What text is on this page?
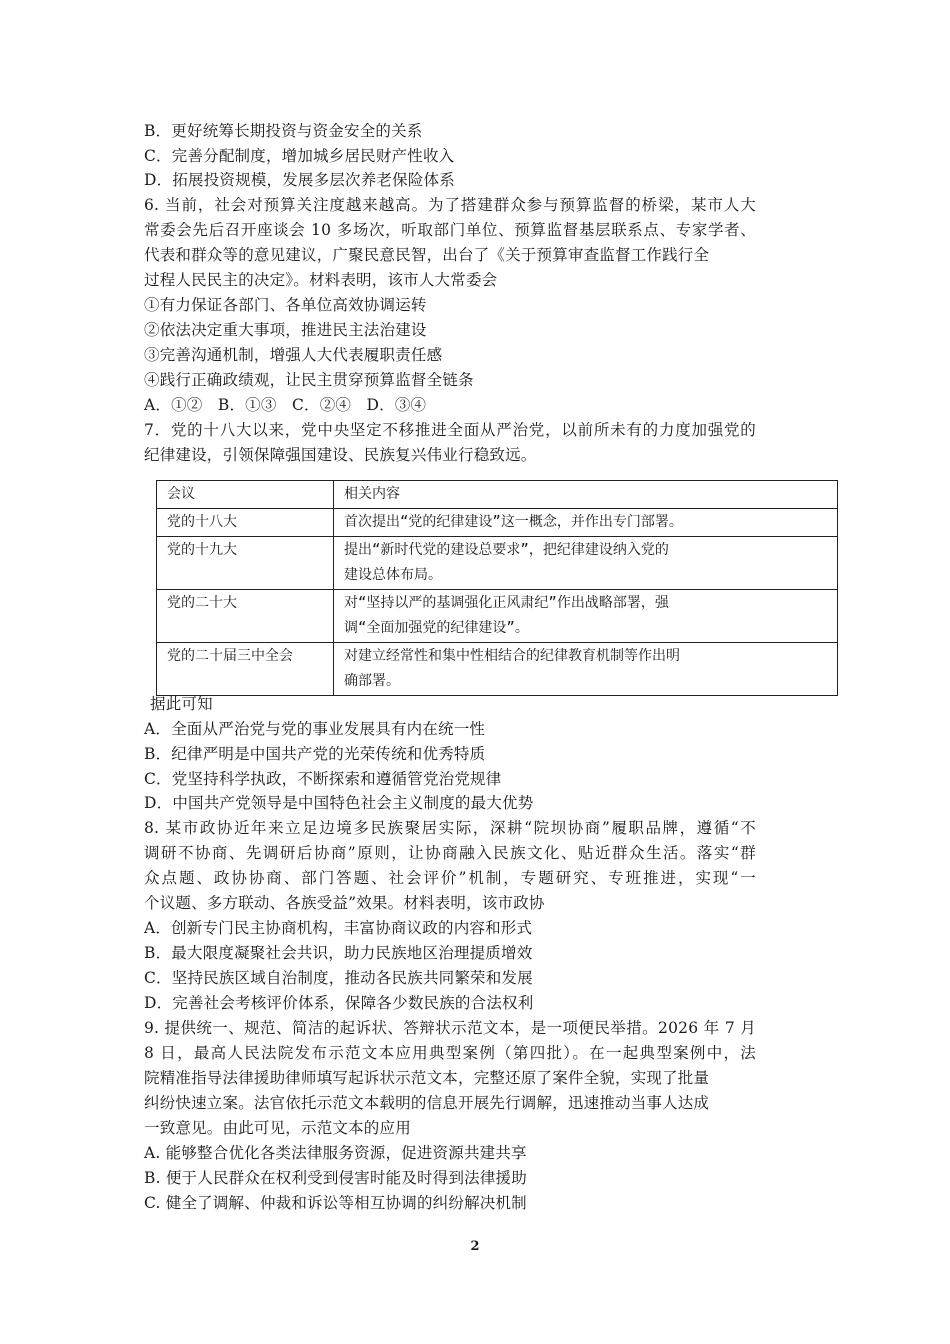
B．更好统筹长期投资与资金安全的关系
C．完善分配制度，增加城乡居民财产性收入
D．拓展投资规模，发展多层次养老保险体系
6. 当前，社会对预算关注度越来越高。为了搭建群众参与预算监督的桥梁，某市人大
常委会先后召开座谈会 10 多场次，听取部门单位、预算监督基层联系点、专家学者、
代表和群众等的意见建议，广聚民意民智，出台了《关于预算审查监督工作践行全
过程人民民主的决定》。材料表明，该市人大常委会
①有力保证各部门、各单位高效协调运转
②依法决定重大事项，推进民主法治建设
③完善沟通机制，增强人大代表履职责任感
④践行正确政绩观，让民主贯穿预算监督全链条
A．①②   B．①③   C．②④   D．③④
7．党的十八大以来，党中央坚定不移推进全面从严治党，以前所未有的力度加强党的
纪律建设，引领保障强国建设、民族复兴伟业行稳致远。
会议	相关内容
党的十八大	首次提出“党的纪律建设”这一概念，并作出专门部署。

党的十九大	提出“新时代党的建设总要求”，把纪律建设纳入党的
建设总体布局。

党的二十大	对“坚持以严的基调强化正风肃纪”作出战略部署，强
调“全面加强党的纪律建设”。

党的二十届三中全会	对建立经常性和集中性相结合的纪律教育机制等作出明
确部署。
据此可知
A．全面从严治党与党的事业发展具有内在统一性
B．纪律严明是中国共产党的光荣传统和优秀特质
C．党坚持科学执政，不断探索和遵循管党治党规律
D．中国共产党领导是中国特色社会主义制度的最大优势
8. 某市政协近年来立足边境多民族聚居实际，深耕“院坝协商”履职品牌，遵循“不
调研不协商、先调研后协商”原则，让协商融入民族文化、贴近群众生活。落实“群
众点题、政协协商、部门答题、社会评价”机制，专题研究、专班推进，实现“一
个议题、多方联动、各族受益”效果。材料表明，该市政协
A．创新专门民主协商机构，丰富协商议政的内容和形式
B．最大限度凝聚社会共识，助力民族地区治理提质增效
C．坚持民族区域自治制度，推动各民族共同繁荣和发展
D．完善社会考核评价体系，保障各少数民族的合法权利
9. 提供统一、规范、简洁的起诉状、答辩状示范文本，是一项便民举措。2026 年 7 月
8 日，最高人民法院发布示范文本应用典型案例（第四批）。在一起典型案例中，法
院精准指导法律援助律师填写起诉状示范文本，完整还原了案件全貌，实现了批量
纠纷快速立案。法官依托示范文本载明的信息开展先行调解，迅速推动当事人达成
一致意见。由此可见，示范文本的应用
A. 能够整合优化各类法律服务资源，促进资源共建共享
B. 便于人民群众在权利受到侵害时能及时得到法律援助
C. 健全了调解、仲裁和诉讼等相互协调的纠纷解决机制
2
